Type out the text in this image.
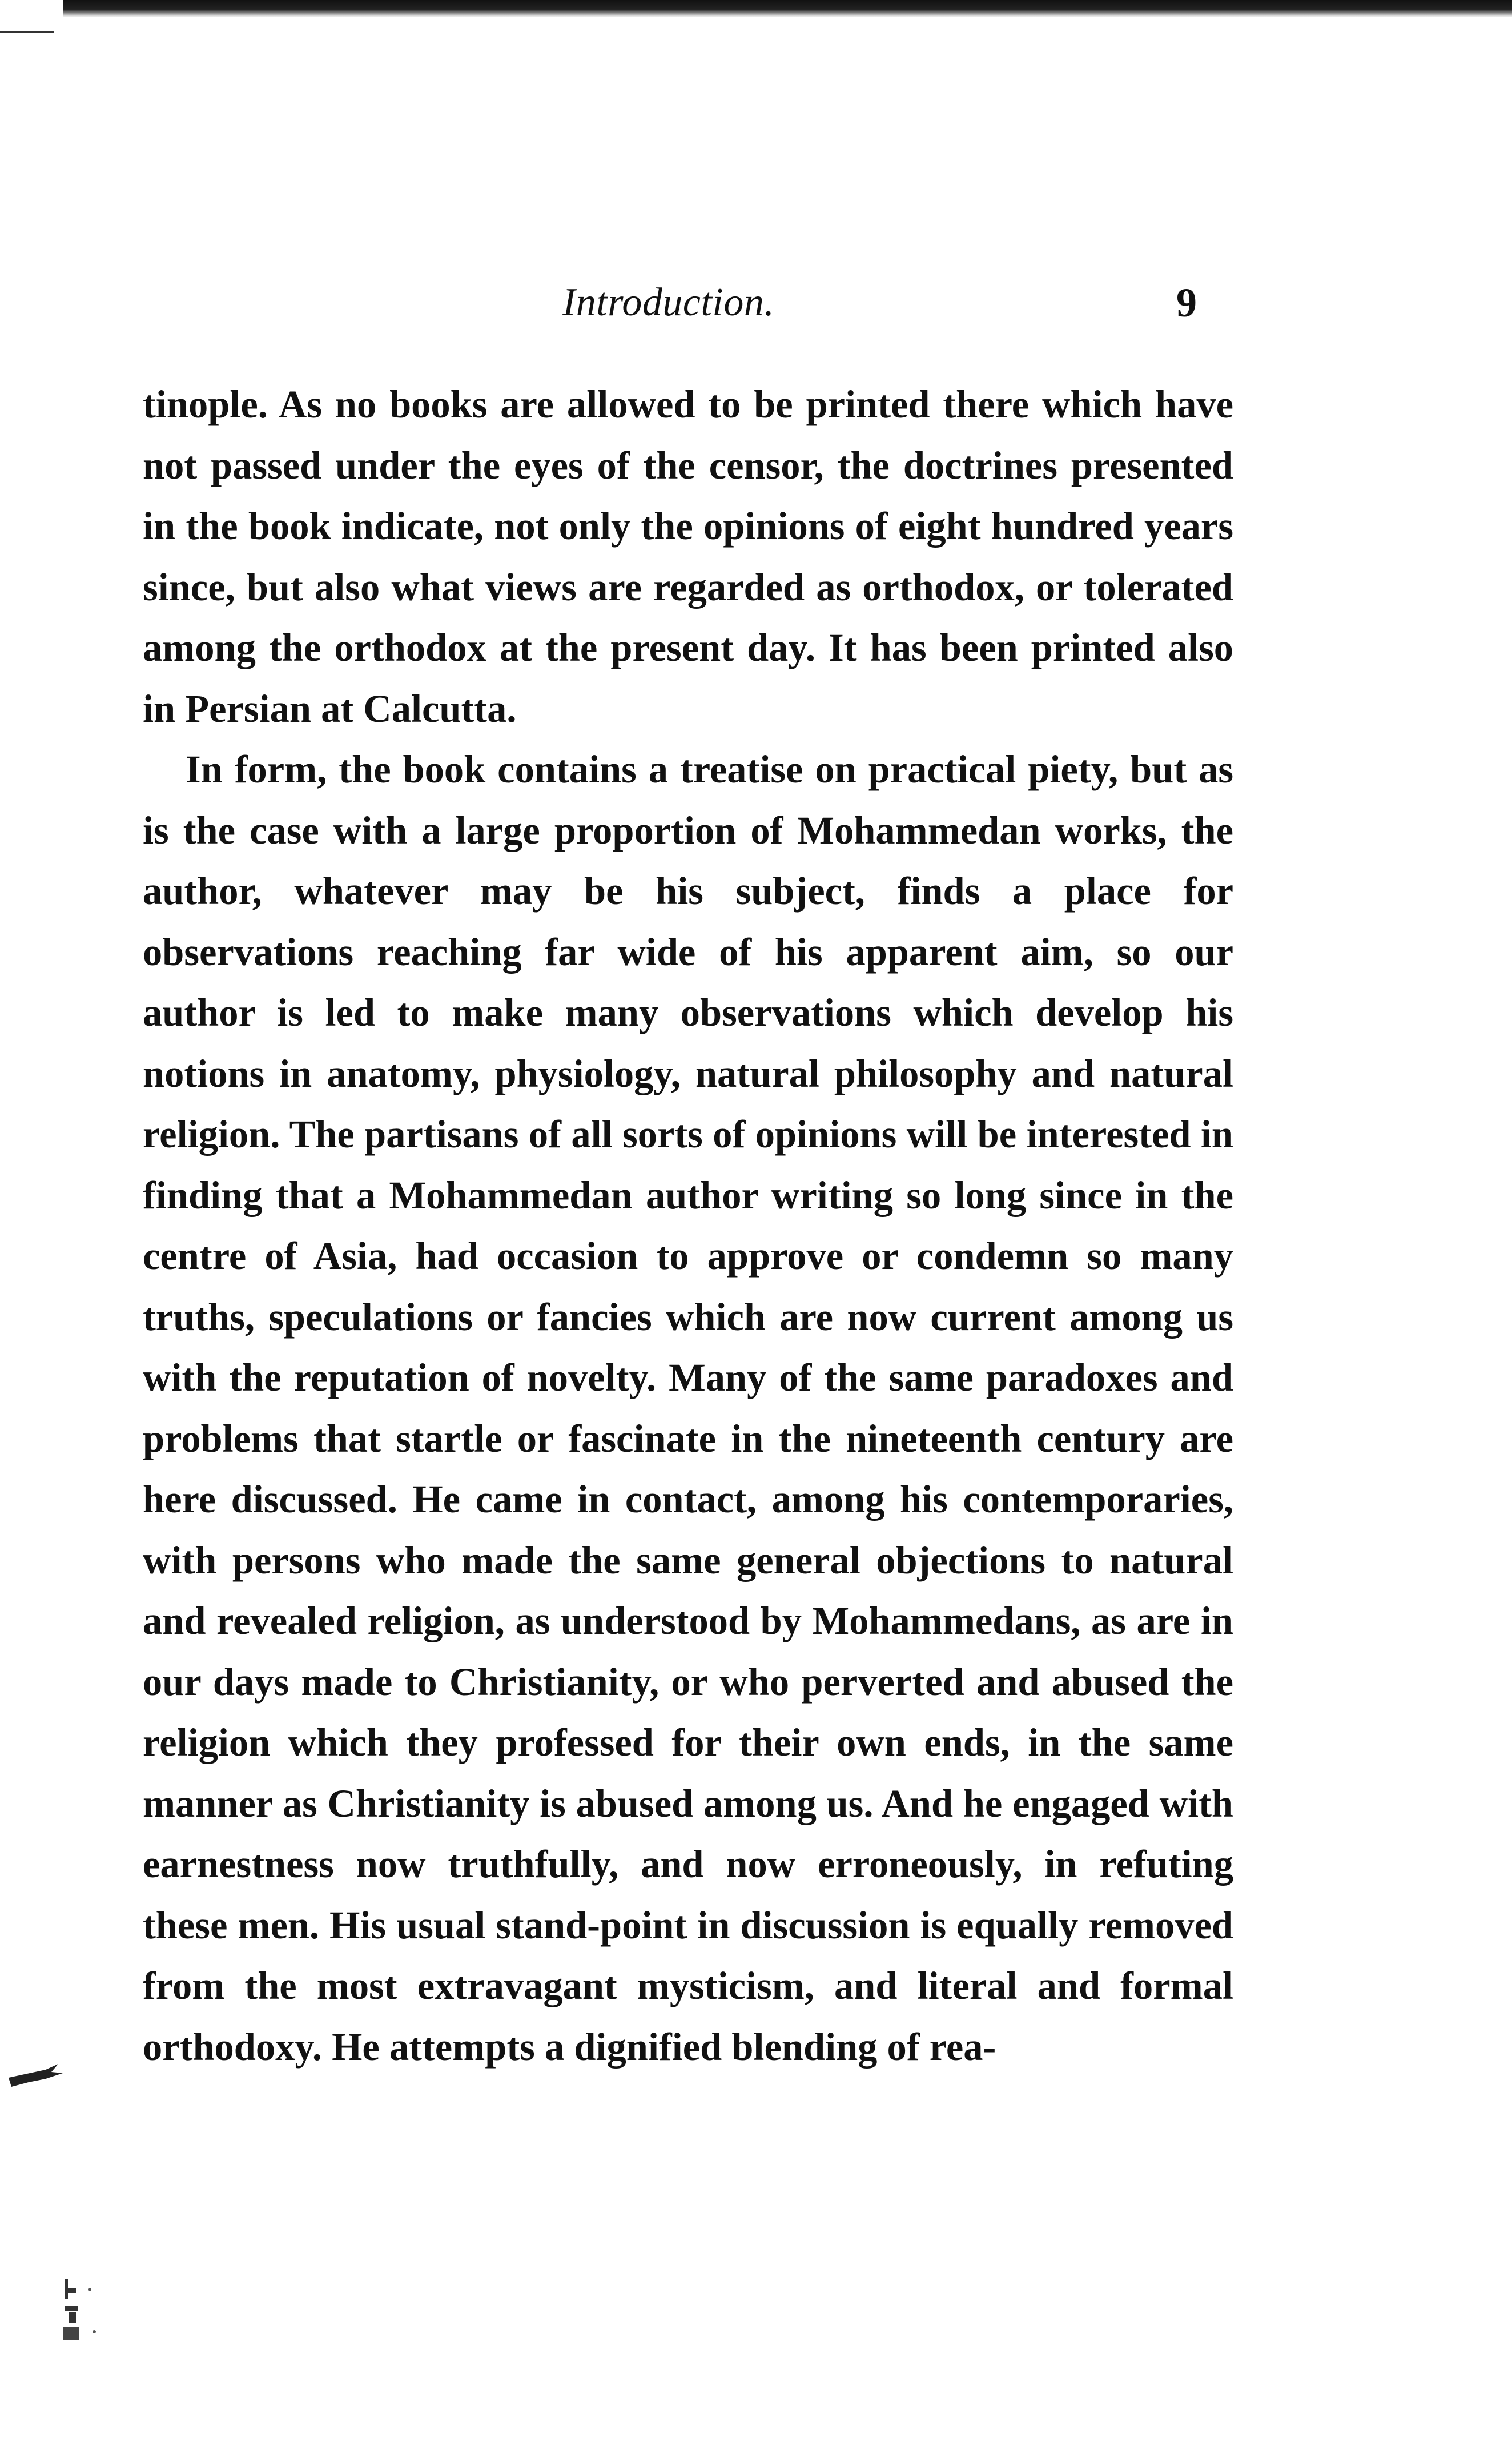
Introduction.	9

tinople. As no books are allowed to be printed there which have not passed under the eyes of the censor, the doctrines presented in the book indicate, not only the opinions of eight hundred years since, but also what views are regarded as orthodox, or tolerated among the orthodox at the present day. It has been printed also in Persian at Calcutta.

In form, the book contains a treatise on practical piety, but as is the case with a large proportion of Mohammedan works, the author, whatever may be his subject, finds a place for observations reaching far wide of his apparent aim, so our author is led to make many observations which develop his notions in anatomy, physiology, natural philosophy and natural religion. The partisans of all sorts of opinions will be interested in finding that a Mohammedan author writing so long since in the centre of Asia, had occasion to approve or condemn so many truths, speculations or fancies which are now current among us with the reputation of novelty. Many of the same paradoxes and problems that startle or fascinate in the nineteenth century are here discussed. He came in contact, among his contemporaries, with persons who made the same general objections to natural and revealed religion, as understood by Mohammedans, as are in our days made to Christianity, or who perverted and abused the religion which they professed for their own ends, in the same manner as Christianity is abused among us. And he engaged with earnestness now truthfully, and now erroneously, in refuting these men. His usual stand-point in discussion is equally removed from the most extravagant mysticism, and literal and formal orthodoxy. He attempts a dignified blending of rea-
